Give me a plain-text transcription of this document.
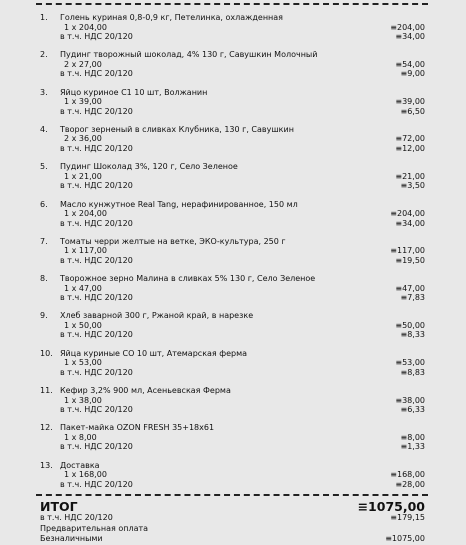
1. Голень куриная 0,8-0,9 кг, Петелинка, охлажденная
1 х 204,00	≡204,00
в т.ч. НДС 20/120	≡34,00
2. Пудинг творожный шоколад, 4% 130 г, Савушкин Молочный
2 х 27,00	≡54,00
в т.ч. НДС 20/120	≡9,00
3. Яйцо куриное С1 10 шт, Волжанин
1 х 39,00	≡39,00
в т.ч. НДС 20/120	≡6,50
4. Творог зерненый в сливках Клубника, 130 г, Савушкин
2 х 36,00	≡72,00
в т.ч. НДС 20/120	≡12,00
5. Пудинг Шоколад 3%, 120 г, Село Зеленое
1 х 21,00	≡21,00
в т.ч. НДС 20/120	≡3,50
6. Масло кунжутное Real Tang, нерафинированное, 150 мл
1 х 204,00	≡204,00
в т.ч. НДС 20/120	≡34,00
7. Томаты черри желтые на ветке, ЭКО-культура, 250 г
1 х 117,00	≡117,00
в т.ч. НДС 20/120	≡19,50
8. Творожное зерно Малина в сливках 5% 130 г, Село Зеленое
1 х 47,00	≡47,00
в т.ч. НДС 20/120	≡7,83
9. Хлеб заварной 300 г, Ржаной край, в нарезке
1 х 50,00	≡50,00
в т.ч. НДС 20/120	≡8,33
10. Яйца куриные СО 10 шт, Атемарская ферма
1 х 53,00	≡53,00
в т.ч. НДС 20/120	≡8,83
11. Кефир 3,2% 900 мл, Асеньевская Ферма
1 х 38,00	≡38,00
в т.ч. НДС 20/120	≡6,33
12. Пакет-майка OZON FRESH 35+18x61
1 х 8,00	≡8,00
в т.ч. НДС 20/120	≡1,33
13. Доставка
1 х 168,00	≡168,00
в т.ч. НДС 20/120	≡28,00
ИТОГ	≡1075,00
в т.ч. НДС 20/120	≡179,15
Предварительная оплата
Безналичными	≡1075,00
